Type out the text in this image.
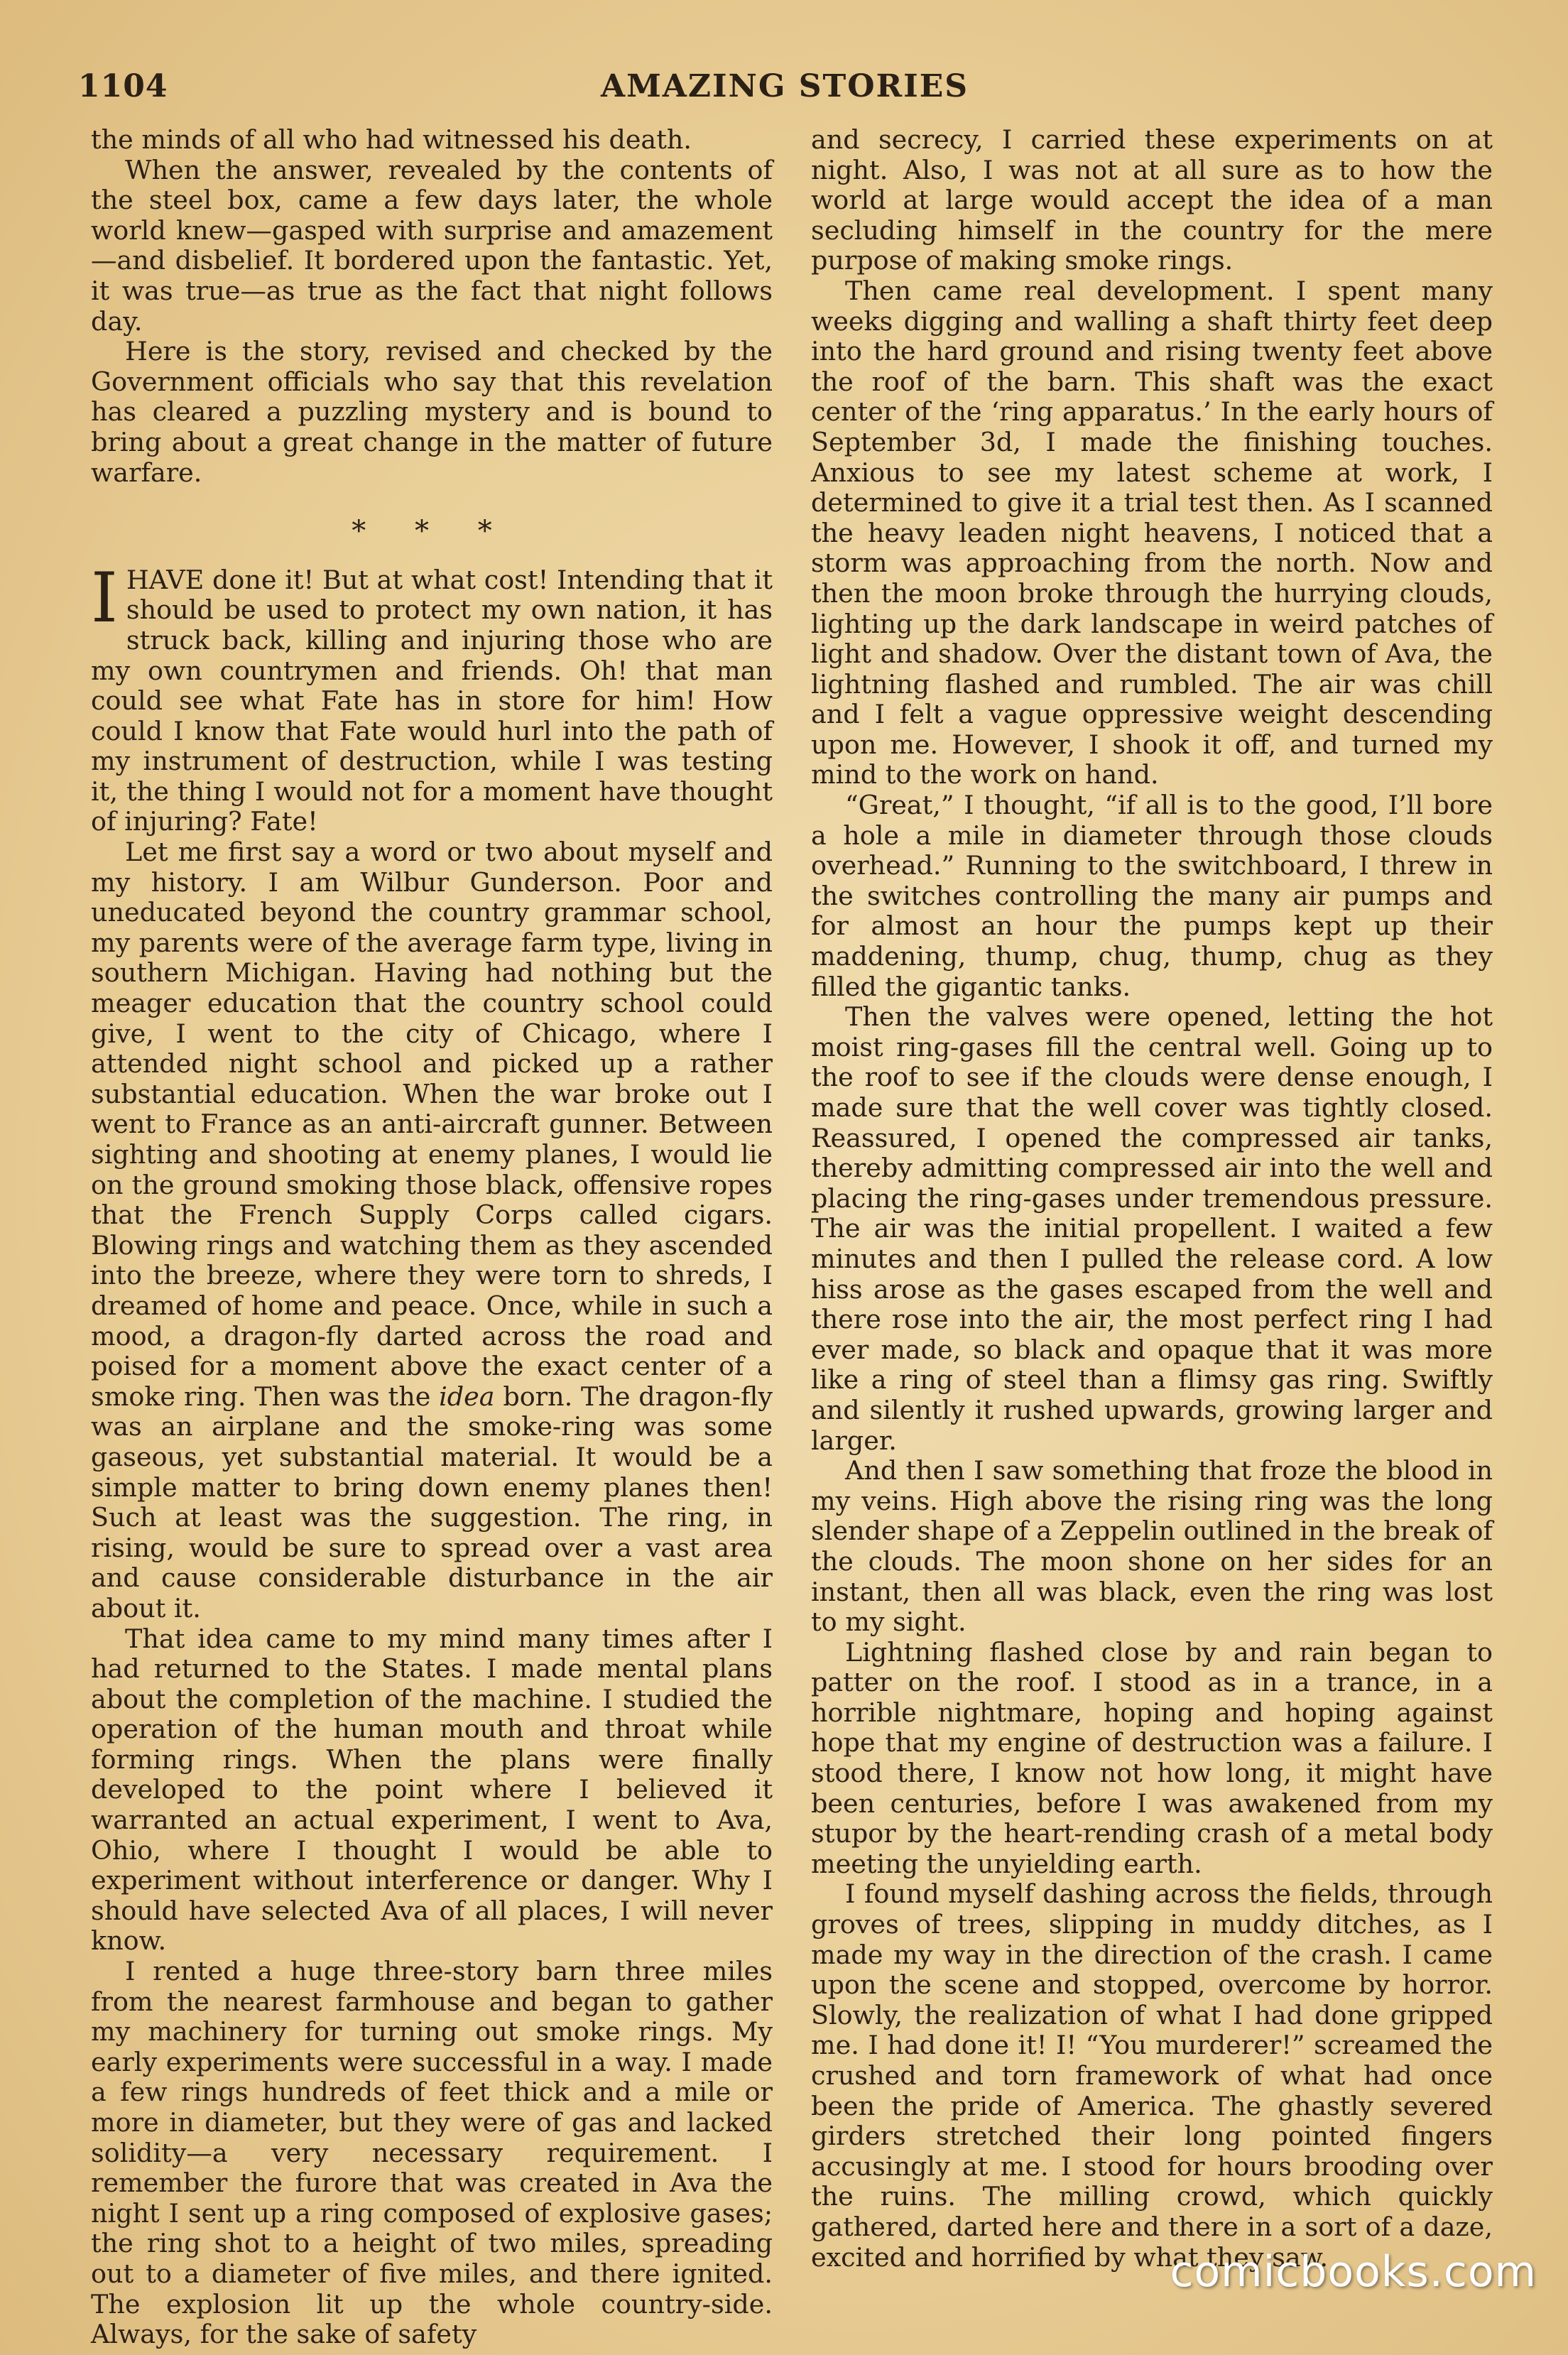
1104	AMAZING STORIES

the minds of all who had witnessed his death.

When the answer, revealed by the contents of the steel box, came a few days later, the whole world knew—gasped with surprise and amazement—and disbelief. It bordered upon the fantastic. Yet, it was true—as true as the fact that night follows day.

Here is the story, revised and checked by the Government officials who say that this revelation has cleared a puzzling mystery and is bound to bring about a great change in the matter of future warfare.

* * *

IHAVE done it! But at what cost! Intending that it should be used to protect my own nation, it has struck back, killing and injuring those who are my own countrymen and friends. Oh! that man could see what Fate has in store for him! How could I know that Fate would hurl into the path of my instrument of destruction, while I was testing it, the thing I would not for a moment have thought of injuring? Fate!

Let me first say a word or two about myself and my history. I am Wilbur Gunderson. Poor and uneducated beyond the country grammar school, my parents were of the average farm type, living in southern Michigan. Having had nothing but the meager education that the country school could give, I went to the city of Chicago, where I attended night school and picked up a rather substantial education. When the war broke out I went to France as an anti-aircraft gunner. Between sighting and shooting at enemy planes, I would lie on the ground smoking those black, offensive ropes that the French Supply Corps called cigars. Blowing rings and watching them as they ascended into the breeze, where they were torn to shreds, I dreamed of home and peace. Once, while in such a mood, a dragon-fly darted across the road and poised for a moment above the exact center of a smoke ring. Then was the idea born. The dragon-fly was an airplane and the smoke-ring was some gaseous, yet substantial material. It would be a simple matter to bring down enemy planes then! Such at least was the suggestion. The ring, in rising, would be sure to spread over a vast area and cause considerable disturbance in the air about it.

That idea came to my mind many times after I had returned to the States. I made mental plans about the completion of the machine. I studied the operation of the human mouth and throat while forming rings. When the plans were finally developed to the point where I believed it warranted an actual experiment, I went to Ava, Ohio, where I thought I would be able to experiment without interference or danger. Why I should have selected Ava of all places, I will never know.

I rented a huge three-story barn three miles from the nearest farmhouse and began to gather my machinery for turning out smoke rings. My early experiments were successful in a way. I made a few rings hundreds of feet thick and a mile or more in diameter, but they were of gas and lacked solidity—a very necessary requirement. I remember the furore that was created in Ava the night I sent up a ring composed of explosive gases; the ring shot to a height of two miles, spreading out to a diameter of five miles, and there ignited. The explosion lit up the whole country-side. Always, for the sake of safety

and secrecy, I carried these experiments on at night. Also, I was not at all sure as to how the world at large would accept the idea of a man secluding himself in the country for the mere purpose of making smoke rings.

Then came real development. I spent many weeks digging and walling a shaft thirty feet deep into the hard ground and rising twenty feet above the roof of the barn. This shaft was the exact center of the ‘ring apparatus.’ In the early hours of September 3d, I made the finishing touches. Anxious to see my latest scheme at work, I determined to give it a trial test then. As I scanned the heavy leaden night heavens, I noticed that a storm was approaching from the north. Now and then the moon broke through the hurrying clouds, lighting up the dark landscape in weird patches of light and shadow. Over the distant town of Ava, the lightning flashed and rumbled. The air was chill and I felt a vague oppressive weight descending upon me. However, I shook it off, and turned my mind to the work on hand.

“Great,” I thought, “if all is to the good, I’ll bore a hole a mile in diameter through those clouds overhead.” Running to the switchboard, I threw in the switches controlling the many air pumps and for almost an hour the pumps kept up their maddening, thump, chug, thump, chug as they filled the gigantic tanks.

Then the valves were opened, letting the hot moist ring-gases fill the central well. Going up to the roof to see if the clouds were dense enough, I made sure that the well cover was tightly closed. Reassured, I opened the compressed air tanks, thereby admitting compressed air into the well and placing the ring-gases under tremendous pressure. The air was the initial propellent. I waited a few minutes and then I pulled the release cord. A low hiss arose as the gases escaped from the well and there rose into the air, the most perfect ring I had ever made, so black and opaque that it was more like a ring of steel than a flimsy gas ring. Swiftly and silently it rushed upwards, growing larger and larger.

And then I saw something that froze the blood in my veins. High above the rising ring was the long slender shape of a Zeppelin outlined in the break of the clouds. The moon shone on her sides for an instant, then all was black, even the ring was lost to my sight.

Lightning flashed close by and rain began to patter on the roof. I stood as in a trance, in a horrible nightmare, hoping and hoping against hope that my engine of destruction was a failure. I stood there, I know not how long, it might have been centuries, before I was awakened from my stupor by the heart-rending crash of a metal body meeting the unyielding earth.

I found myself dashing across the fields, through groves of trees, slipping in muddy ditches, as I made my way in the direction of the crash. I came upon the scene and stopped, overcome by horror. Slowly, the realization of what I had done gripped me. I had done it! I! “You murderer!” screamed the crushed and torn framework of what had once been the pride of America. The ghastly severed girders stretched their long pointed fingers accusingly at me. I stood for hours brooding over the ruins. The milling crowd, which quickly gathered, darted here and there in a sort of a daze, excited and horrified by what they saw.

comicbooks.com
